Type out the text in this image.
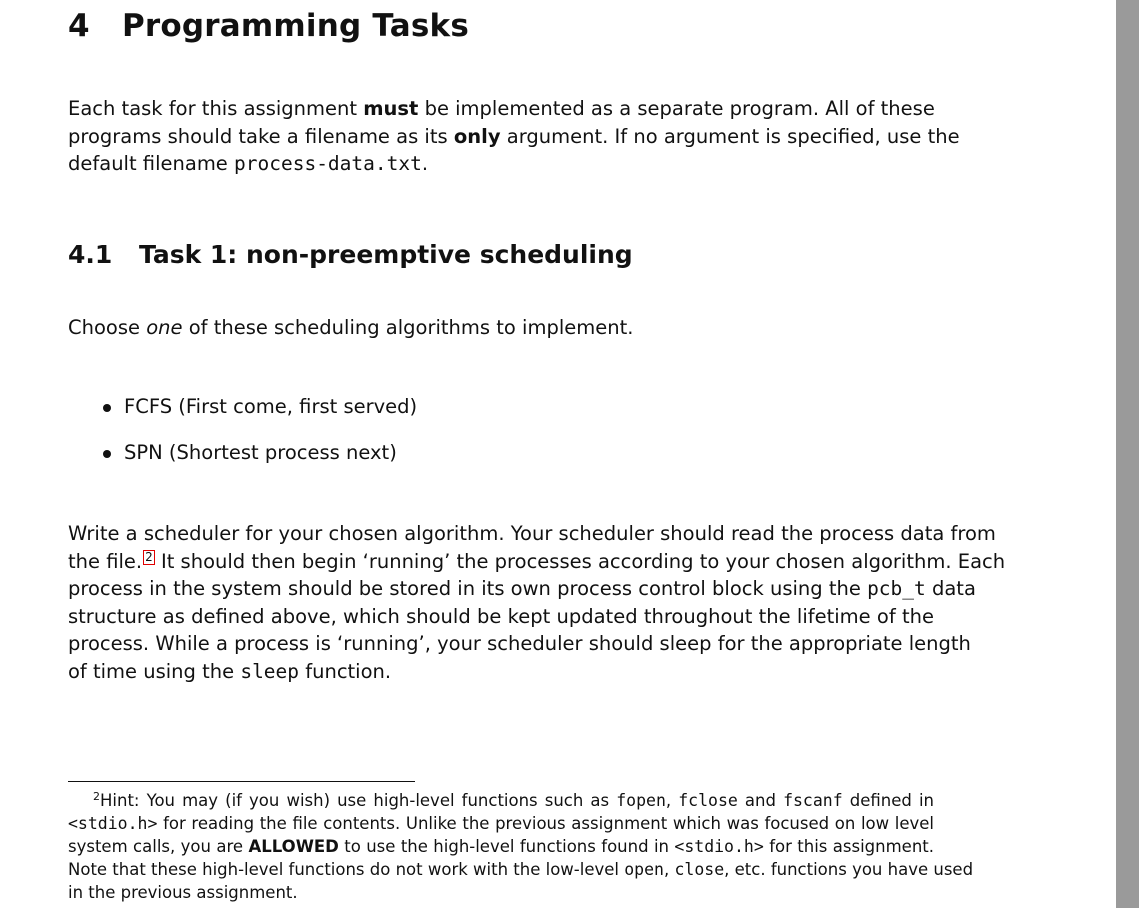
4 Programming Tasks
Each task for this assignment must be implemented as a separate program. All of these
programs should take a filename as its only argument. If no argument is specified, use the
default filename process-data.txt.
4.1 Task 1: non-preemptive scheduling
Choose one of these scheduling algorithms to implement.
FCFS (First come, first served)
SPN (Shortest process next)
Write a scheduler for your chosen algorithm. Your scheduler should read the process data from
the file. 2 It should then begin ‘running’ the processes according to your chosen algorithm. Each
process in the system should be stored in its own process control block using the pcb_t data
structure as defined above, which should be kept updated throughout the lifetime of the
process. While a process is ‘running’, your scheduler should sleep for the appropriate length
of time using the sleep function.
$^2$Hint: You may (if you wish) use high-level functions such as fopen, fclose and fscanf defined in
<stdio.h> for reading the file contents. Unlike the previous assignment which was focused on low level
system calls, you are ALLOWED to use the high-level functions found in <stdio.h> for this assignment.
Note that these high-level functions do not work with the low-level open, close, etc. functions you have used
in the previous assignment.
